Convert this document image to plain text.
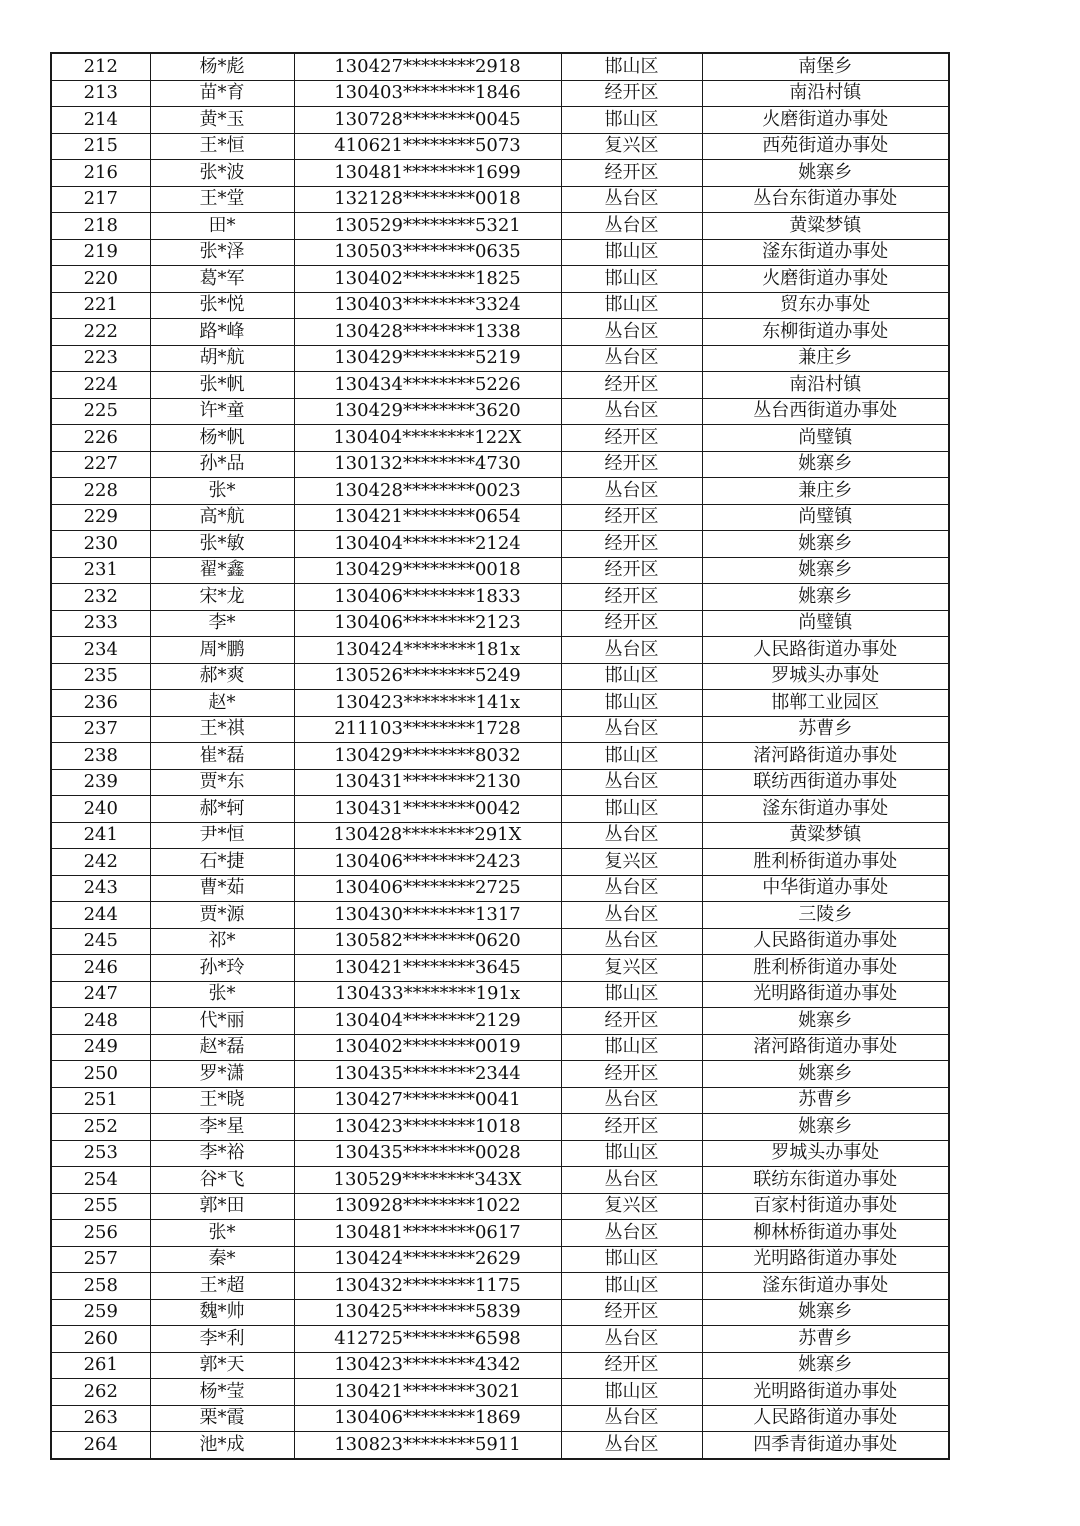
212	杨*彪	130427********2918	邯山区	南堡乡
213	苗*育	130403********1846	经开区	南沿村镇
214	黄*玉	130728********0045	邯山区	火磨街道办事处
215	王*恒	410621********5073	复兴区	西苑街道办事处
216	张*波	130481********1699	经开区	姚寨乡
217	王*堂	132128********0018	丛台区	丛台东街道办事处
218	田*	130529********5321	丛台区	黄粱梦镇
219	张*泽	130503********0635	邯山区	滏东街道办事处
220	葛*军	130402********1825	邯山区	火磨街道办事处
221	张*悦	130403********3324	邯山区	贸东办事处
222	路*峰	130428********1338	丛台区	东柳街道办事处
223	胡*航	130429********5219	丛台区	兼庄乡
224	张*帆	130434********5226	经开区	南沿村镇
225	许*童	130429********3620	丛台区	丛台西街道办事处
226	杨*帆	130404********122X	经开区	尚璧镇
227	孙*品	130132********4730	经开区	姚寨乡
228	张*	130428********0023	丛台区	兼庄乡
229	高*航	130421********0654	经开区	尚璧镇
230	张*敏	130404********2124	经开区	姚寨乡
231	翟*鑫	130429********0018	经开区	姚寨乡
232	宋*龙	130406********1833	经开区	姚寨乡
233	李*	130406********2123	经开区	尚璧镇
234	周*鹏	130424********181x	丛台区	人民路街道办事处
235	郝*爽	130526********5249	邯山区	罗城头办事处
236	赵*	130423********141x	邯山区	邯郸工业园区
237	王*祺	211103********1728	丛台区	苏曹乡
238	崔*磊	130429********8032	邯山区	渚河路街道办事处
239	贾*东	130431********2130	丛台区	联纺西街道办事处
240	郝*轲	130431********0042	邯山区	滏东街道办事处
241	尹*恒	130428********291X	丛台区	黄粱梦镇
242	石*捷	130406********2423	复兴区	胜利桥街道办事处
243	曹*茹	130406********2725	丛台区	中华街道办事处
244	贾*源	130430********1317	丛台区	三陵乡
245	祁*	130582********0620	丛台区	人民路街道办事处
246	孙*玲	130421********3645	复兴区	胜利桥街道办事处
247	张*	130433********191x	邯山区	光明路街道办事处
248	代*丽	130404********2129	经开区	姚寨乡
249	赵*磊	130402********0019	邯山区	渚河路街道办事处
250	罗*潇	130435********2344	经开区	姚寨乡
251	王*晓	130427********0041	丛台区	苏曹乡
252	李*星	130423********1018	经开区	姚寨乡
253	李*裕	130435********0028	邯山区	罗城头办事处
254	谷*飞	130529********343X	丛台区	联纺东街道办事处
255	郭*田	130928********1022	复兴区	百家村街道办事处
256	张*	130481********0617	丛台区	柳林桥街道办事处
257	秦*	130424********2629	邯山区	光明路街道办事处
258	王*超	130432********1175	邯山区	滏东街道办事处
259	魏*帅	130425********5839	经开区	姚寨乡
260	李*利	412725********6598	丛台区	苏曹乡
261	郭*天	130423********4342	经开区	姚寨乡
262	杨*莹	130421********3021	邯山区	光明路街道办事处
263	栗*霞	130406********1869	丛台区	人民路街道办事处
264	池*成	130823********5911	丛台区	四季青街道办事处
